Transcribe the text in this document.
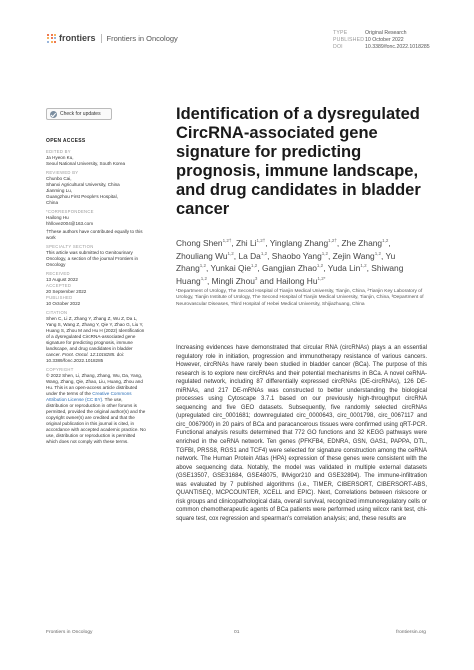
frontiers Frontiers in Oncology
TYPE	Original Research
PUBLISHED10 October 2022
DOI	10.3389/fonc.2022.1018285
Check for updates
OPEN ACCESS
EDITED BY

Ja Hyeon Ku,
Seoul National University, South Korea

REVIEWED BY

Chunbo Cai,
Shanxi Agricultural University, China
Jianming Lu,
Guangzhou First People's Hospital,
China

*CORRESPONDENCE

Hailong Hu
hhllove2004@163.com

†These authors have contributed equally to this work

SPECIALTY SECTION

This article was submitted to Genitourinary Oncology, a section of the journal Frontiers in Oncology

RECEIVED

13 August 2022

ACCEPTED

20 September 2022

PUBLISHED

10 October 2022

CITATION

Shen C, Li Z, Zhang Y, Zhang Z, Wu Z, Da L, Yang S, Wang Z, Zhang Y, Qie Y, Zhao G, Liu Y, Huang S, Zhou M and Hu H (2022) Identification of a dysregulated CircRNA-associated gene signature for predicting prognosis, immune landscape, and drug candidates in bladder cancer. Front. Oncol. 12:1018285. doi: 10.3389/fonc.2022.1018285

COPYRIGHT

© 2022 Shen, Li, Zhang, Zhang, Wu, Da, Yang, Wang, Zhang, Qie, Zhao, Liu, Huang, Zhou and Hu. This is an open-access article distributed under the terms of the Creative Commons Attribution License (CC BY). The use, distribution or reproduction in other forums is permitted, provided the original author(s) and the copyright owner(s) are credited and that the original publication in this journal is cited, in accordance with accepted academic practice. No use, distribution or reproduction is permitted which does not comply with these terms.

Identification of a dysregulated CircRNA-associated gene signature for predicting prognosis, immune landscape, and drug candidates in bladder cancer
Chong Shen$^{1,2\dagger}$, Zhi $Li^{1,2\dagger}$, Yinglang Zhang$^{1,2\dagger}$, Zhe Zhang$^{1,2}$, Zhouliang Wu$^{1,2}$, La Da$^{1,2}$, Shaobo Yang$^{1,2}$, Zejin Wang$^{1,2}$, Yu Zhang$^{1,2}$, Yunkai Qie$^{1,2}$, Gangjian Zhao$^{1,2}$, Yuda Lin$^{1,2}$, Shiwang Huang$^{1,2}$, Mingli Zhou$^3$ and Hailong $Hu^{1,2*}$
¹Department of Urology, The Second Hospital of Tianjin Medical University, Tianjin, China, ²Tianjin Key Laboratory of Urology, Tianjin Institute of Urology, The Second Hospital of Tianjin Medical University, Tianjin, China, ³Department of Neurovascular Diseases, Third Hospital of Hebei Medical University, Shijiazhuang, China
Increasing evidences have demonstrated that circular RNA (circRNAs) plays a an essential regulatory role in initiation, progression and immunotherapy resistance of various cancers. However, circRNAs have rarely been studied in bladder cancer (BCa). The purpose of this research is to explore new circRNAs and their potential mechanisms in BCa. A novel ceRNA-regulated network, including 87 differentially expressed circRNAs (DE-circRNAs), 126 DE-miRNAs, and 217 DE-mRNAs was constructed to better understanding the biological processes using Cytoscape 3.7.1 based on our previously high-throughput circRNA sequencing and five GEO datasets. Subsequently, five randomly selected circRNAs (upregulated circ_0001681; downregulated circ_0000643, circ_0001798, circ_0067117 and circ_0067900) in 20 pairs of BCa and paracancerous tissues were confirmed using qRT-PCR. Functional analysis results determined that 772 GO functions and 32 KEGG pathways were enriched in the ceRNA network. Ten genes (PFKFB4, EDNRA, GSN, GAS1, PAPPA, DTL, TGFBI, PRSS8, RGS1 and TCF4) were selected for signature construction among the ceRNA network. The Human Protein Atlas (HPA) expression of these genes were consistent with the above sequencing data. Notably, the model was validated in multiple external datasets (GSE13507, GSE31684, GSE48075, IMvigor210 and GSE32894). The immune-infiltration was evaluated by 7 published algorithms (i.e., TIMER, CIBERSORT, CIBERSORT-ABS, QUANTISEQ, MCPCOUNTER, XCELL and EPIC). Next, Correlations between riskscore or risk groups and clinicopathological data, overall survival, recognized immunoregulatory cells or common chemotherapeutic agents of BCa patients were performed using wilcox rank test, chi-square test, cox regression and spearman's correlation analysis; and, these results are
Frontiers in Oncology	01	frontiersin.org
